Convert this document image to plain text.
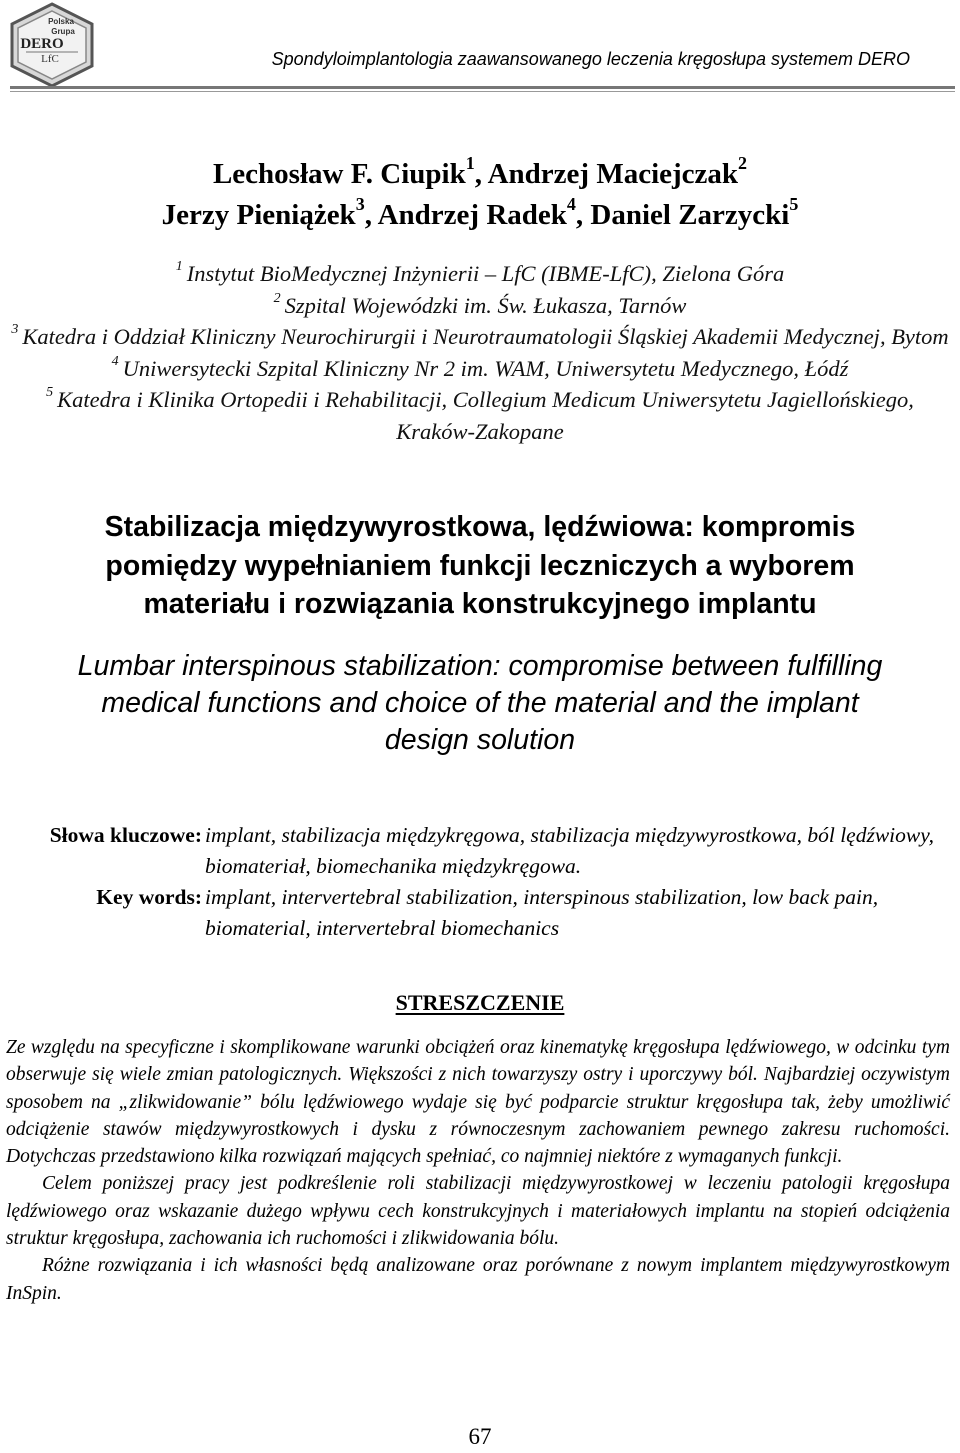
Polska
Grupa
DERO
LfC	Spondyloimplantologia zaawansowanego leczenia kręgosłupa systemem DERO
Lechosław F. Ciupik$^1$, Andrzej Maciejczak$^2$
Jerzy Pieniążek$^3$, Andrzej Radek$^4$, Daniel Zarzycki$^5$
$^1$ Instytut BioMedycznej Inżynierii – LfC (IBME-LfC), Zielona Góra
$^2$ Szpital Wojewódzki im. Św. Łukasza, Tarnów
$^3$ Katedra i Oddział Kliniczny Neurochirurgii i Neurotraumatologii Śląskiej Akademii Medycznej, Bytom
$^4$ Uniwersytecki Szpital Kliniczny Nr 2 im. WAM, Uniwersytetu Medycznego, Łódź
$^5$ Katedra i Klinika Ortopedii i Rehabilitacji, Collegium Medicum Uniwersytetu Jagiellońskiego, Kraków-Zakopane
Stabilizacja międzywyrostkowa, lędźwiowa: kompromis
pomiędzy wypełnianiem funkcji leczniczych a wyborem
materiału i rozwiązania konstrukcyjnego implantu
Lumbar interspinous stabilization: compromise between fulfilling
medical functions and choice of the material and the implant
design solution
Słowa kluczowe: implant, stabilizacja międzykręgowa, stabilizacja międzywyrostkowa, ból lędźwiowy, biomateriał, biomechanika międzykręgowa.
Key words: implant, intervertebral stabilization, interspinous stabilization, low back pain, biomaterial, intervertebral biomechanics
STRESZCZENIE

Ze względu na specyficzne i skomplikowane warunki obciążeń oraz kinematykę kręgosłupa lędźwiowego, w odcinku tym obserwuje się wiele zmian patologicznych. Większości z nich towarzyszy ostry i uporczywy ból. Najbardziej oczywistym sposobem na „zlikwidowanie” bólu lędźwiowego wydaje się być podparcie struktur kręgosłupa tak, żeby umożliwić odciążenie stawów międzywyrostkowych i dysku z równoczesnym zachowaniem pewnego zakresu ruchomości. Dotychczas przedstawiono kilka rozwiązań mających spełniać, co najmniej niektóre z wymaganych funkcji.

Celem poniższej pracy jest podkreślenie roli stabilizacji międzywyrostkowej w leczeniu patologii kręgosłupa lędźwiowego oraz wskazanie dużego wpływu cech konstrukcyjnych i materiałowych implantu na stopień odciążenia struktur kręgosłupa, zachowania ich ruchomości i zlikwidowania bólu.

Różne rozwiązania i ich własności będą analizowane oraz porównane z nowym implantem międzywyrostkowym InSpin.

67
